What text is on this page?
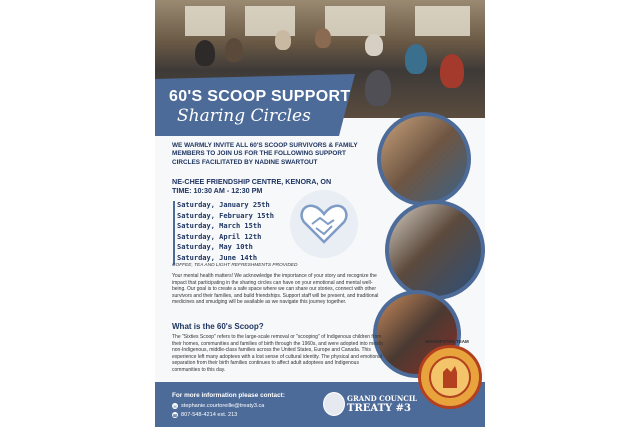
60'S SCOOP SUPPORT
Sharing Circles
WE WARMLY INVITE ALL 60'S SCOOP SURVIVORS & FAMILY MEMBERS TO JOIN US FOR THE FOLLOWING SUPPORT CIRCLES FACILITATED BY NADINE SWARTOUT
NE-CHEE FRIENDSHIP CENTRE, KENORA, ON
TIME: 10:30 AM - 12:30 PM
Saturday, January 25th
Saturday, February 15th
Saturday, March 15th
Saturday, April 12th
Saturday, May 10th
Saturday, June 14th
COFFEE, TEA AND LIGHT REFRESHMENTS PROVIDED
Your mental health matters! We acknowledge the importance of your story and recognize the impact that participating in the sharing circles can have on your emotional and mental well-being. Our goal is to create a safe space where we can share our stories, connect with other survivors and their families, and build friendships. Support staff will be present, and traditional medicines and smudging will be available as we navigate this journey together.
What is the 60's Scoop?
The "Sixties Scoop" refers to the large-scale removal or "scooping" of Indigenous children from their homes, communities and families of birth through the 1960s, and were adopted into mostly non-Indigenous, middle-class families across the United States, Europe and Canada. This experience left many adoptees with a lost sense of cultural identity. The physical and emotional separation from their birth families continues to affect adult adoptees and Indigenous communities to this day.
For more information please contact:
✉ stephanie.courtoreille@treaty3.ca
☎ 807-548-4214 ext. 213
GRAND COUNCIL
TREATY #3
WHOMPSTER TEAM
